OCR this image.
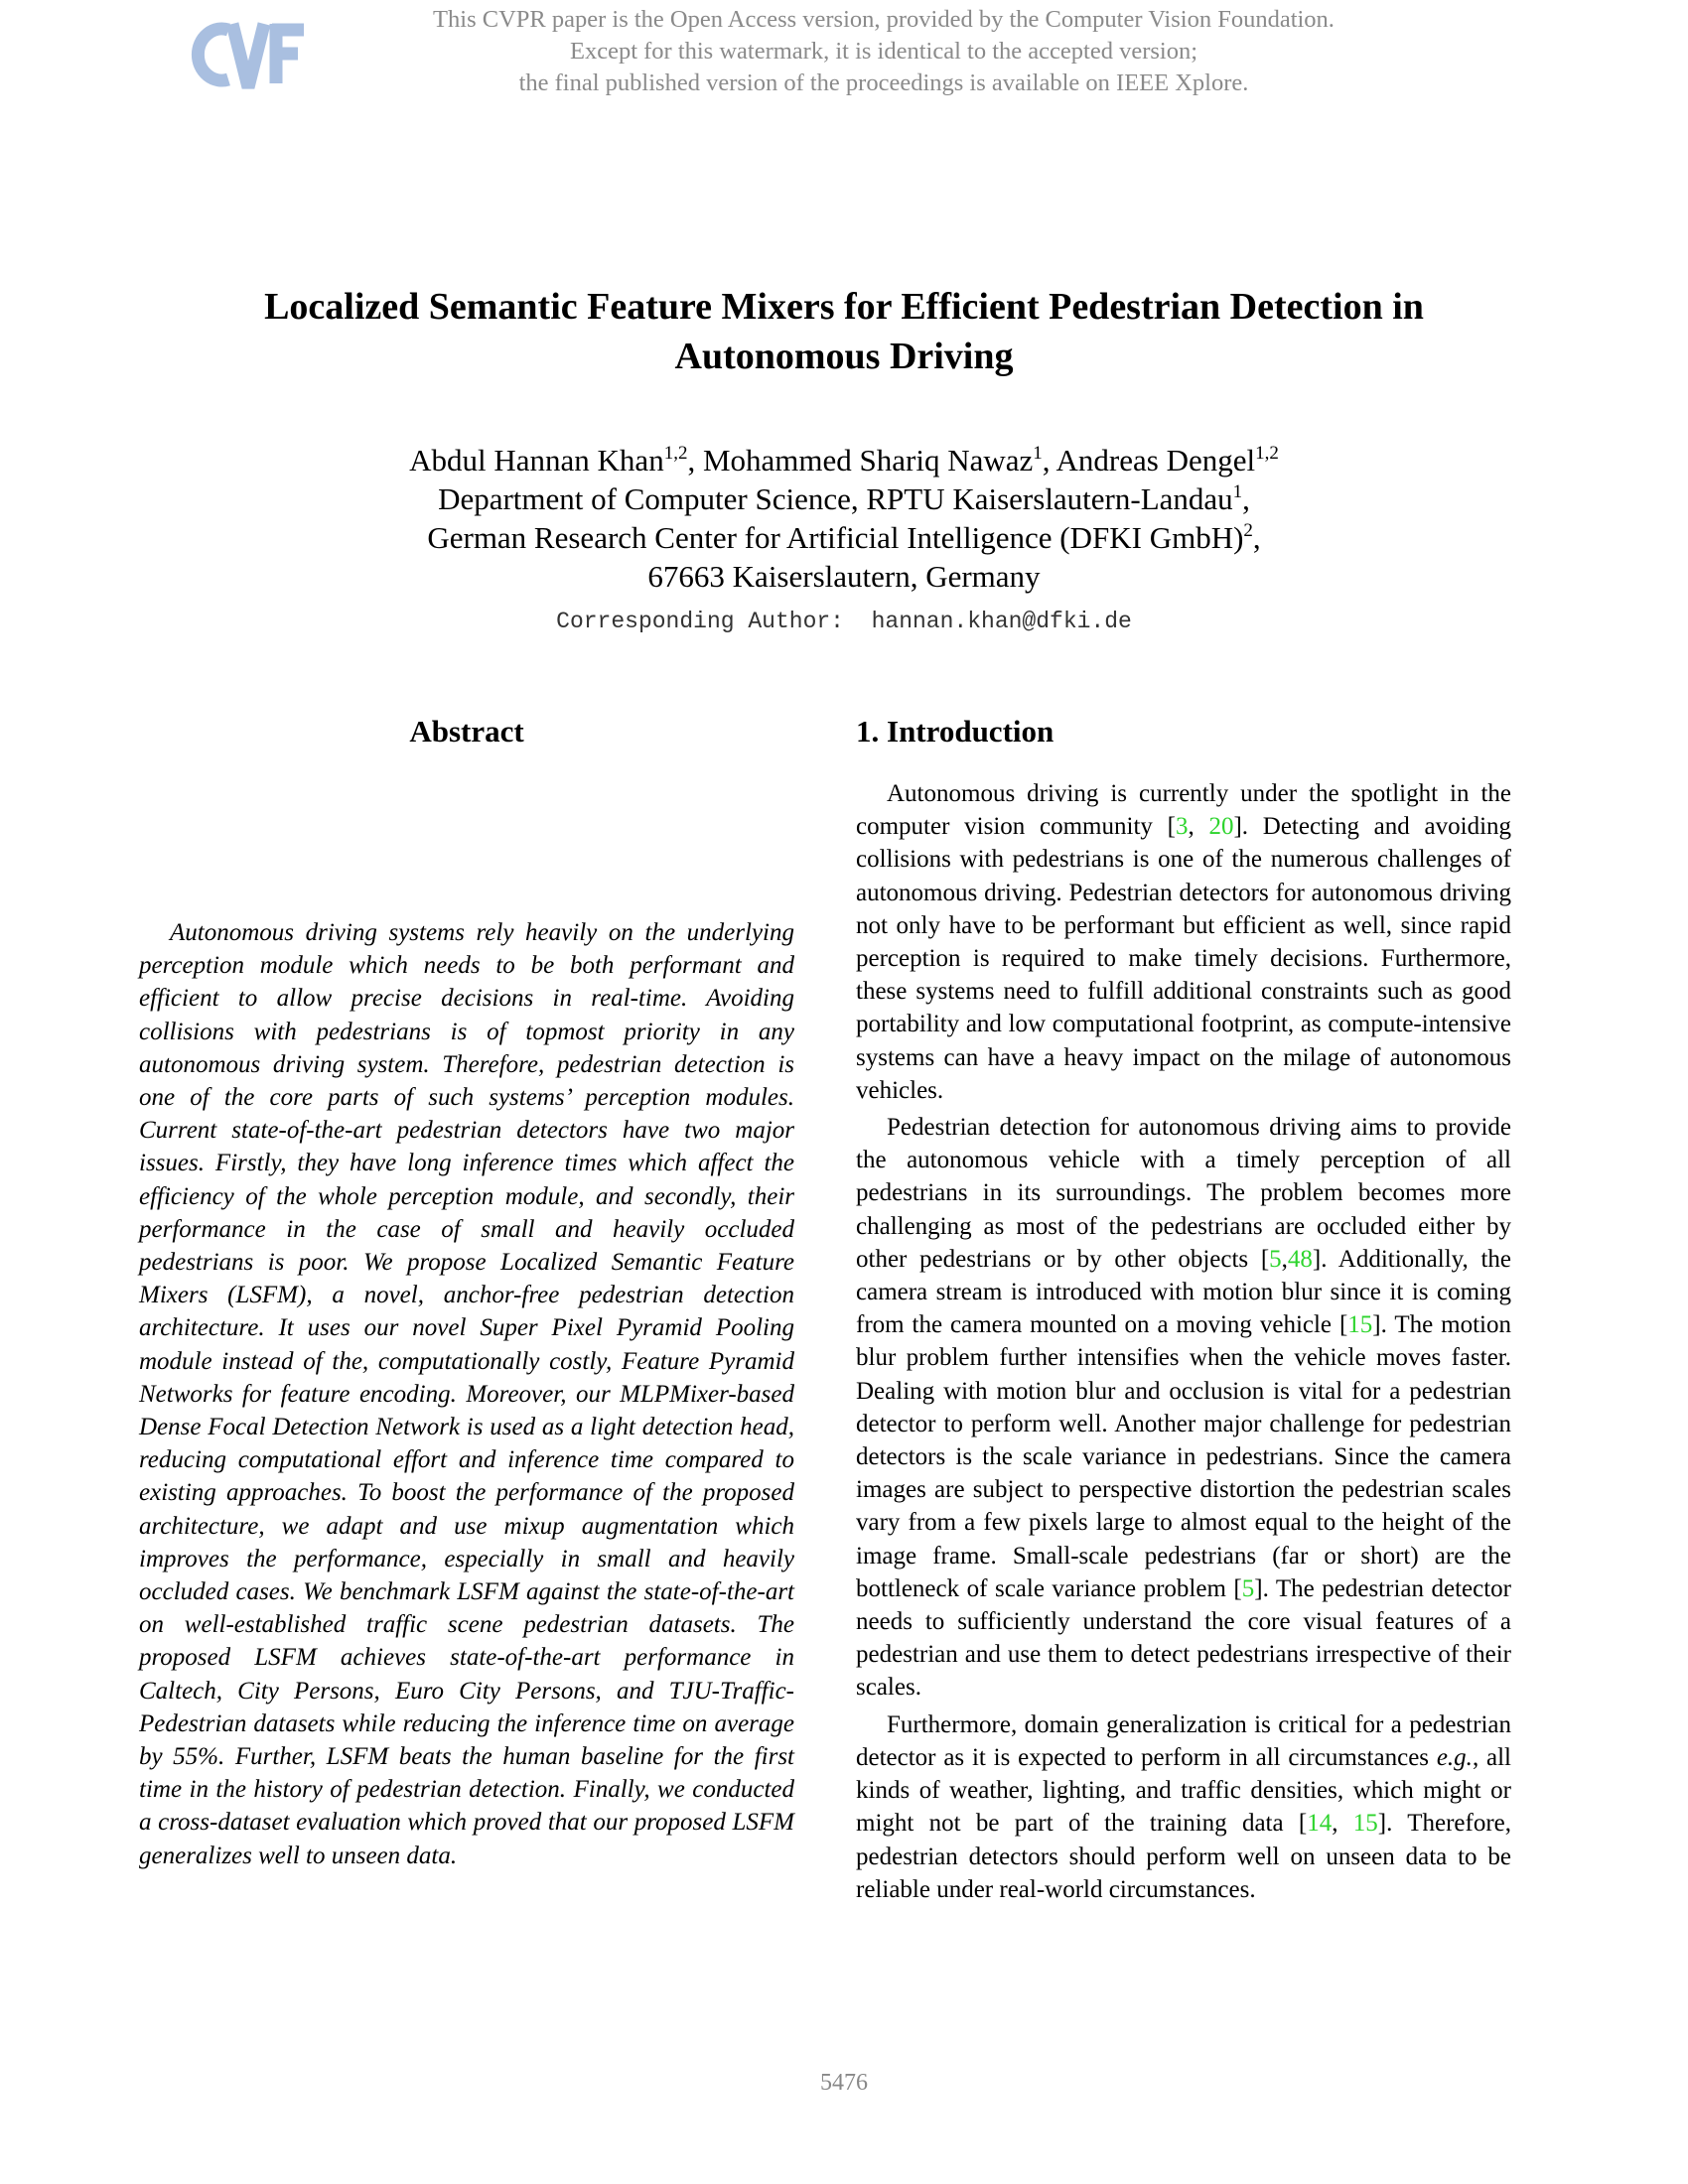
This CVPR paper is the Open Access version, provided by the Computer Vision Foundation.
Except for this watermark, it is identical to the accepted version;
the final published version of the proceedings is available on IEEE Xplore.
Localized Semantic Feature Mixers for Efficient Pedestrian Detection in
Autonomous Driving
Abdul Hannan Khan$^{1,2}$, Mohammed Shariq Nawaz$^1$, Andreas Dengel$^{1,2}$
Department of Computer Science, RPTU Kaiserslautern-Landau$^1$,
German Research Center for Artificial Intelligence (DFKI GmbH)$^2$,
67663 Kaiserslautern, Germany
Corresponding Author:  hannan.khan@dfki.de
Abstract

Autonomous driving systems rely heavily on the underlying perception module which needs to be both performant and efficient to allow precise decisions in real-time. Avoiding collisions with pedestrians is of topmost priority in any autonomous driving system. Therefore, pedestrian detection is one of the core parts of such systems’ perception modules. Current state-of-the-art pedestrian detectors have two major issues. Firstly, they have long inference times which affect the efficiency of the whole perception module, and secondly, their performance in the case of small and heavily occluded pedestrians is poor. We propose Localized Semantic Feature Mixers (LSFM), a novel, anchor-free pedestrian detection architecture. It uses our novel Super Pixel Pyramid Pooling module instead of the, computationally costly, Feature Pyramid Networks for feature encoding. Moreover, our MLPMixer-based Dense Focal Detection Network is used as a light detection head, reducing computational effort and inference time compared to existing approaches. To boost the performance of the proposed architecture, we adapt and use mixup augmentation which improves the performance, especially in small and heavily occluded cases. We benchmark LSFM against the state-of-the-art on well-established traffic scene pedestrian datasets. The proposed LSFM achieves state-of-the-art performance in Caltech, City Persons, Euro City Persons, and TJU-Traffic-Pedestrian datasets while reducing the inference time on average by 55%. Further, LSFM beats the human baseline for the first time in the history of pedestrian detection. Finally, we conducted a cross-dataset evaluation which proved that our proposed LSFM generalizes well to unseen data.

1. Introduction

Autonomous driving is currently under the spotlight in the computer vision community [3, 20]. Detecting and avoiding collisions with pedestrians is one of the numerous challenges of autonomous driving. Pedestrian detectors for autonomous driving not only have to be performant but efficient as well, since rapid perception is required to make timely decisions. Furthermore, these systems need to fulfill additional constraints such as good portability and low computational footprint, as compute-intensive systems can have a heavy impact on the milage of autonomous vehicles.

Pedestrian detection for autonomous driving aims to provide the autonomous vehicle with a timely perception of all pedestrians in its surroundings. The problem becomes more challenging as most of the pedestrians are occluded either by other pedestrians or by other objects [5,48]. Additionally, the camera stream is introduced with motion blur since it is coming from the camera mounted on a moving vehicle [15]. The motion blur problem further intensifies when the vehicle moves faster. Dealing with motion blur and occlusion is vital for a pedestrian detector to perform well. Another major challenge for pedestrian detectors is the scale variance in pedestrians. Since the camera images are subject to perspective distortion the pedestrian scales vary from a few pixels large to almost equal to the height of the image frame. Small-scale pedestrians (far or short) are the bottleneck of scale variance problem [5]. The pedestrian detector needs to sufficiently understand the core visual features of a pedestrian and use them to detect pedestrians irrespective of their scales.

Furthermore, domain generalization is critical for a pedestrian detector as it is expected to perform in all circumstances e.g., all kinds of weather, lighting, and traffic densities, which might or might not be part of the training data [14, 15]. Therefore, pedestrian detectors should perform well on unseen data to be reliable under real-world circumstances.

5476
